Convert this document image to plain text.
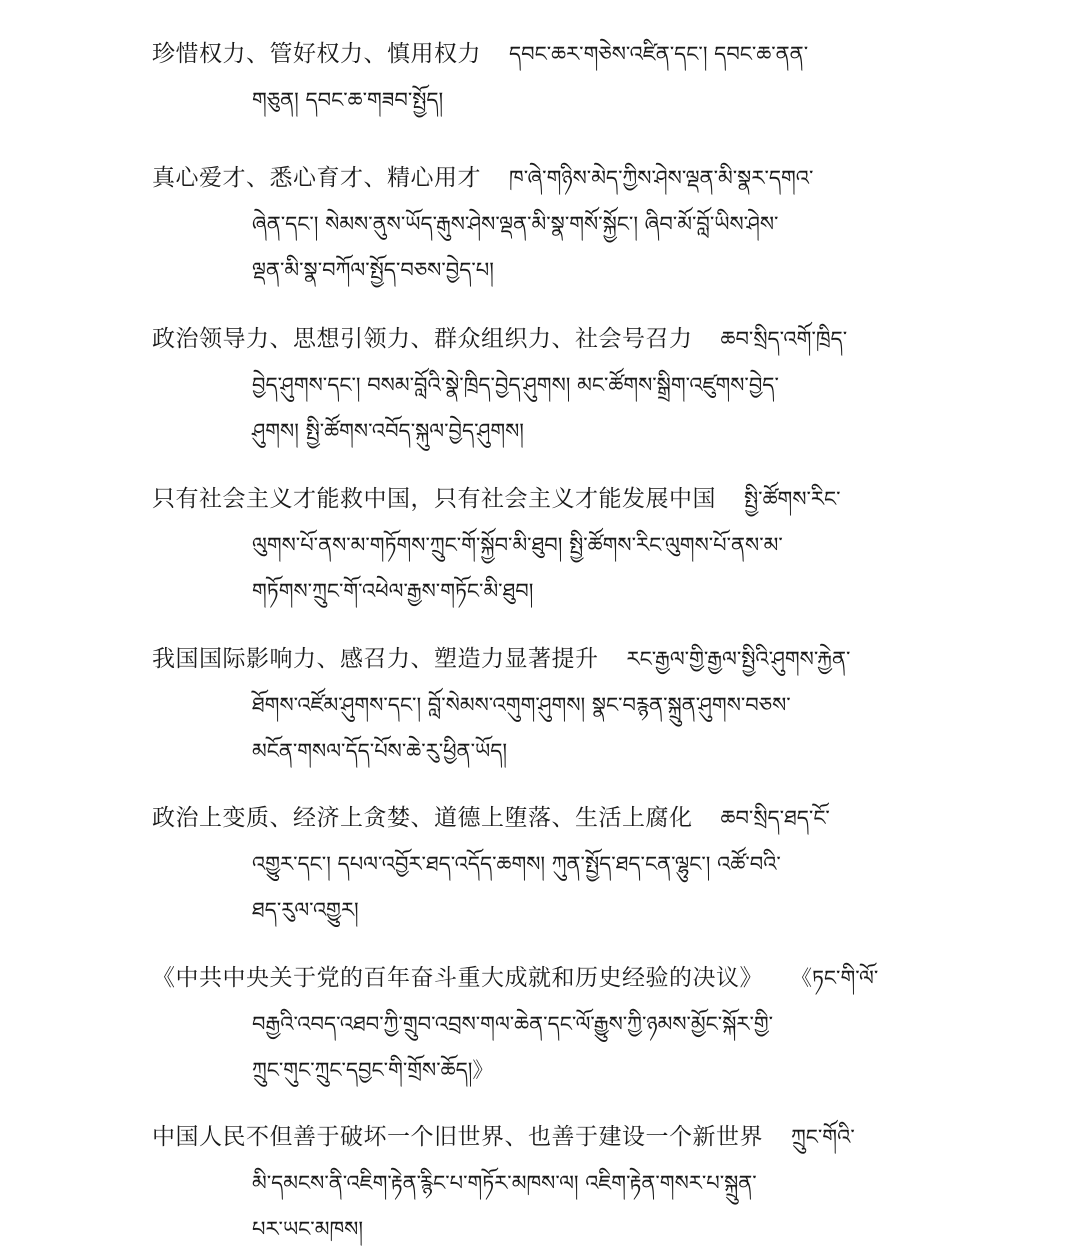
珍惜权力、管好权力、慎用权力 དབང་ཆར་གཅེས་འཛིན་དང་། དབང་ཆ་ནན་
གཅུན། དབང་ཆ་གཟབ་སྤྱོད།
真心爱才、悉心育才、精心用才 ཁ་ཞེ་གཉིས་མེད་ཀྱིས་ཤེས་ལྡན་མི་སྣར་དགའ་
ཞེན་དང་། སེམས་ནུས་ཡོད་རྒུས་ཤེས་ལྡན་མི་སྣ་གསོ་སྐྱོང་། ཞིབ་མོ་བློ་ཡིས་ཤེས་
ལྡན་མི་སྣ་བཀོལ་སྤྱོད་བཅས་བྱེད་པ།
政治领导力、思想引领力、群众组织力、社会号召力 ཆབ་སྲིད་འགོ་ཁྲིད་
བྱེད་ཤུགས་དང་། བསམ་བློའི་སྣེ་ཁྲིད་བྱེད་ཤུགས། མང་ཚོགས་སྒྲིག་འཛུགས་བྱེད་
ཤུགས། སྤྱི་ཚོགས་འབོད་སྐུལ་བྱེད་ཤུགས།
只有社会主义才能救中国，只有社会主义才能发展中国 སྤྱི་ཚོགས་རིང་
ལུགས་པོ་ནས་མ་གཏོགས་ཀྲུང་གོ་སྐྱོབ་མི་ཐུབ། སྤྱི་ཚོགས་རིང་ལུགས་པོ་ནས་མ་
གཏོགས་ཀྲུང་གོ་འཕེལ་རྒྱས་གཏོང་མི་ཐུབ།
我国国际影响力、感召力、塑造力显著提升 རང་རྒྱལ་གྱི་རྒྱལ་སྤྱིའི་ཤུགས་རྐྱེན་
ཐོགས་འཛོམ་ཤུགས་དང་། བློ་སེམས་འགུག་ཤུགས། སྣང་བརྙན་སྐྲུན་ཤུགས་བཅས་
མངོན་གསལ་དོད་པོས་ཆེ་རུ་ཕྱིན་ཡོད།
政治上变质、经济上贪婪、道德上堕落、生活上腐化 ཆབ་སྲིད་ཐད་ངོ་
འགྱུར་དང་། དཔལ་འབྱོར་ཐད་འདོད་ཆགས། ཀུན་སྤྱོད་ཐད་ངན་ལྷུང་། འཚོ་བའི་
ཐད་རུལ་འགྱུར།
《中共中央关于党的百年奋斗重大成就和历史经验的决议》 《ཏང་གི་ལོ་
བརྒྱའི་འབད་འཐབ་ཀྱི་གྲུབ་འབྲས་གལ་ཆེན་དང་ལོ་རྒྱུས་ཀྱི་ཉམས་མྱོང་སྐོར་གྱི་
ཀྲུང་གུང་ཀྲུང་དབྱང་གི་གྲོས་ཆོད།》
中国人民不但善于破坏一个旧世界、也善于建设一个新世界 ཀྲུང་གོའི་
མི་དམངས་ནི་འཇིག་རྟེན་རྙིང་པ་གཏོར་མཁས་ལ། འཇིག་རྟེན་གསར་པ་སྐྲུན་
པར་ཡང་མཁས།
